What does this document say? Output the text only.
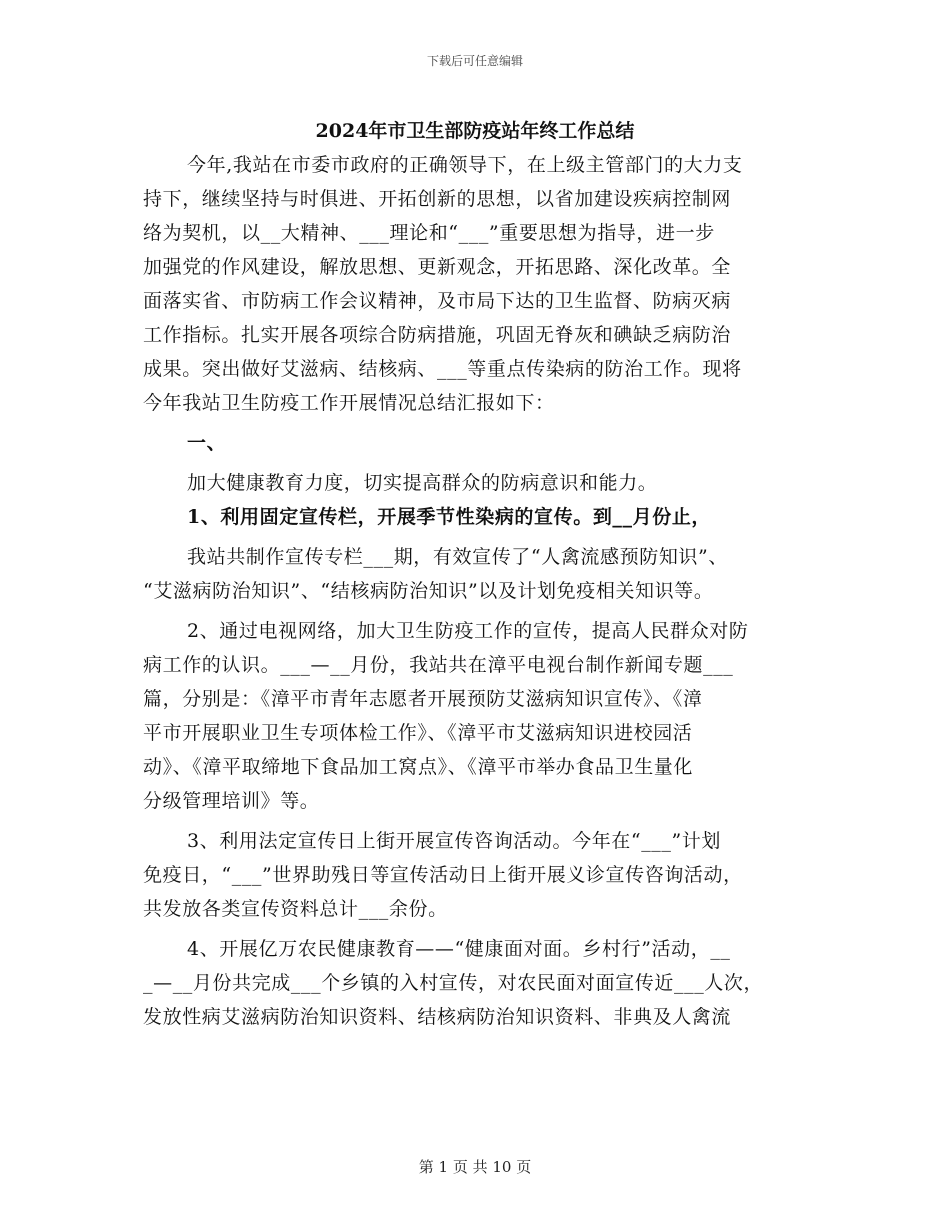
下载后可任意编辑
2024年市卫生部防疫站年终工作总结
今年,我站在市委市政府的正确领导下，在上级主管部门的大力支
持下，继续坚持与时俱进、开拓创新的思想，以省加建设疾病控制网
络为契机，以__大精神、___理论和“___”重要思想为指导，进一步
加强党的作风建设，解放思想、更新观念，开拓思路、深化改革。全
面落实省、市防病工作会议精神，及市局下达的卫生监督、防病灭病
工作指标。扎实开展各项综合防病措施，巩固无脊灰和碘缺乏病防治
成果。突出做好艾滋病、结核病、___等重点传染病的防治工作。现将
今年我站卫生防疫工作开展情况总结汇报如下：
一、
加大健康教育力度，切实提高群众的防病意识和能力。
1、利用固定宣传栏，开展季节性染病的宣传。到__月份止，
我站共制作宣传专栏___期，有效宣传了“人禽流感预防知识”、
“艾滋病防治知识”、“结核病防治知识”以及计划免疫相关知识等。
2、通过电视网络，加大卫生防疫工作的宣传，提高人民群众对防
病工作的认识。___—__月份，我站共在漳平电视台制作新闻专题___
篇，分别是：《漳平市青年志愿者开展预防艾滋病知识宣传》、《漳
平市开展职业卫生专项体检工作》、《漳平市艾滋病知识进校园活
动》、《漳平取缔地下食品加工窝点》、《漳平市举办食品卫生量化
分级管理培训》等。
3、利用法定宣传日上街开展宣传咨询活动。今年在“___”计划
免疫日，“___”世界助残日等宣传活动日上街开展义诊宣传咨询活动，
共发放各类宣传资料总计___余份。
4、开展亿万农民健康教育——“健康面对面。乡村行”活动，__
_—__月份共完成___个乡镇的入村宣传，对农民面对面宣传近___人次，
发放性病艾滋病防治知识资料、结核病防治知识资料、非典及人禽流
第 1 页 共 10 页
